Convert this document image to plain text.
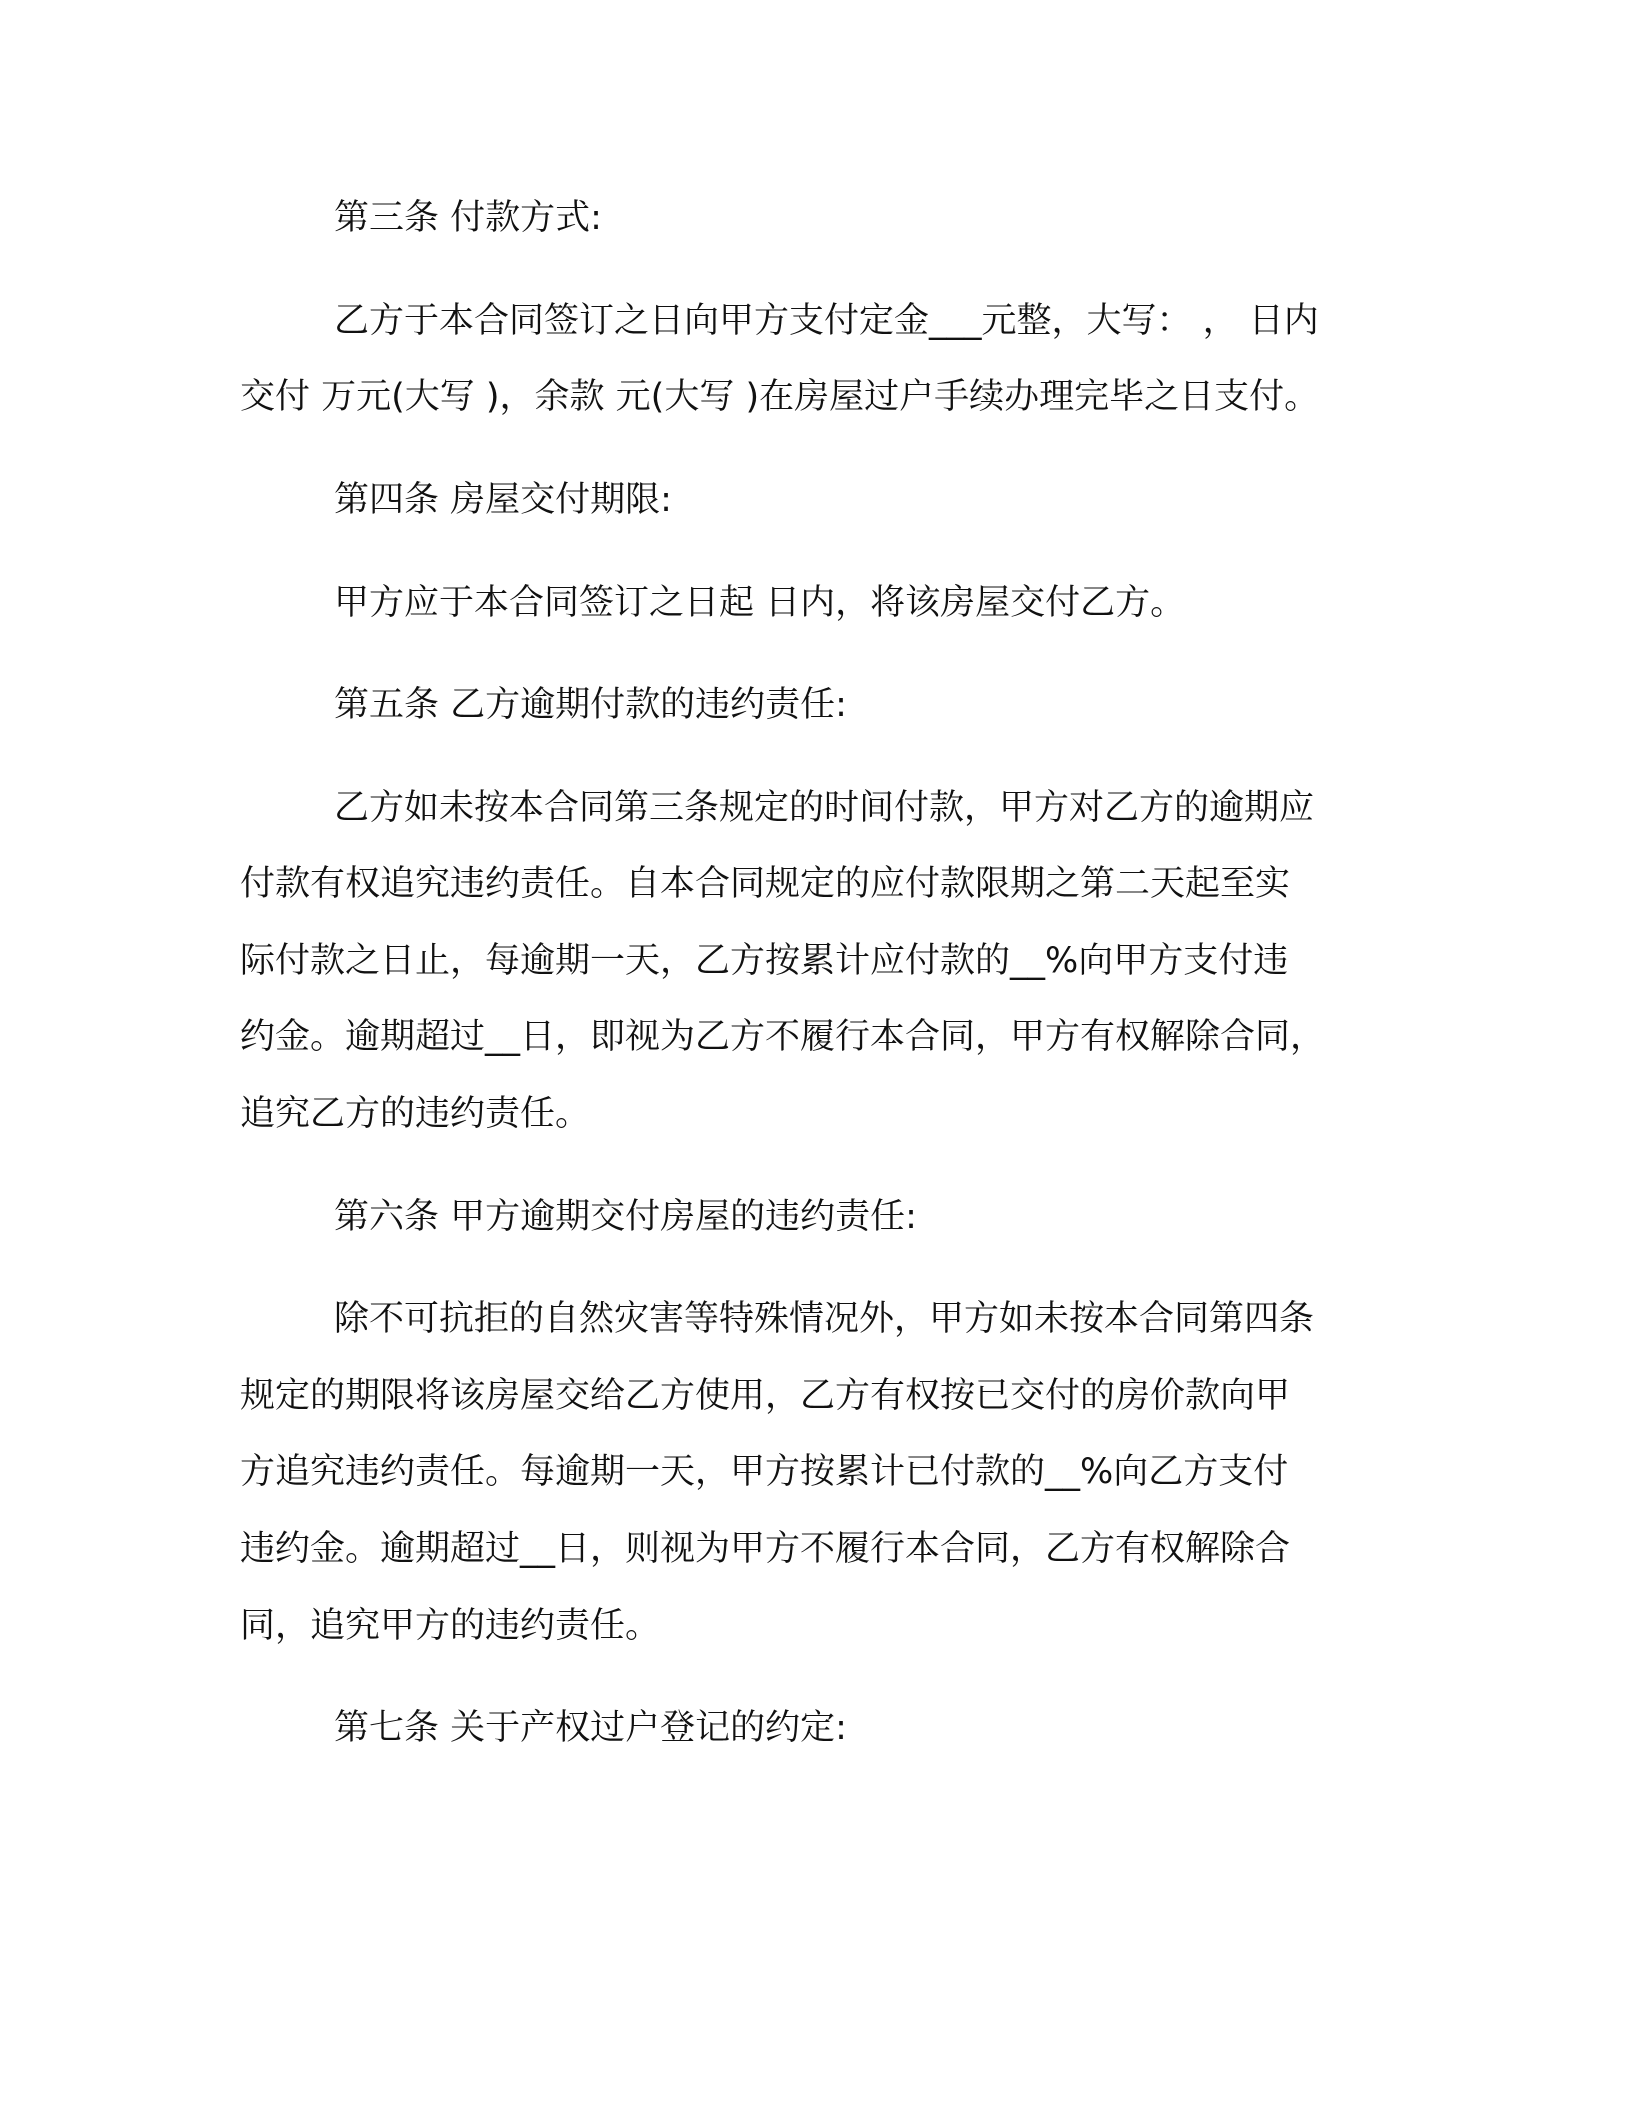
第三条 付款方式:

乙方于本合同签订之日向甲方支付定金___元整，大写： ， 日内

交付 万元(大写 )，余款 元(大写 )在房屋过户手续办理完毕之日支付。

第四条 房屋交付期限:

甲方应于本合同签订之日起 日内，将该房屋交付乙方。

第五条 乙方逾期付款的违约责任:

乙方如未按本合同第三条规定的时间付款，甲方对乙方的逾期应

付款有权追究违约责任。自本合同规定的应付款限期之第二天起至实

际付款之日止，每逾期一天，乙方按累计应付款的__%向甲方支付违

约金。逾期超过__日，即视为乙方不履行本合同，甲方有权解除合同，

追究乙方的违约责任。

第六条 甲方逾期交付房屋的违约责任:

除不可抗拒的自然灾害等特殊情况外，甲方如未按本合同第四条

规定的期限将该房屋交给乙方使用，乙方有权按已交付的房价款向甲

方追究违约责任。每逾期一天，甲方按累计已付款的__%向乙方支付

违约金。逾期超过__日，则视为甲方不履行本合同，乙方有权解除合

同，追究甲方的违约责任。

第七条 关于产权过户登记的约定:
